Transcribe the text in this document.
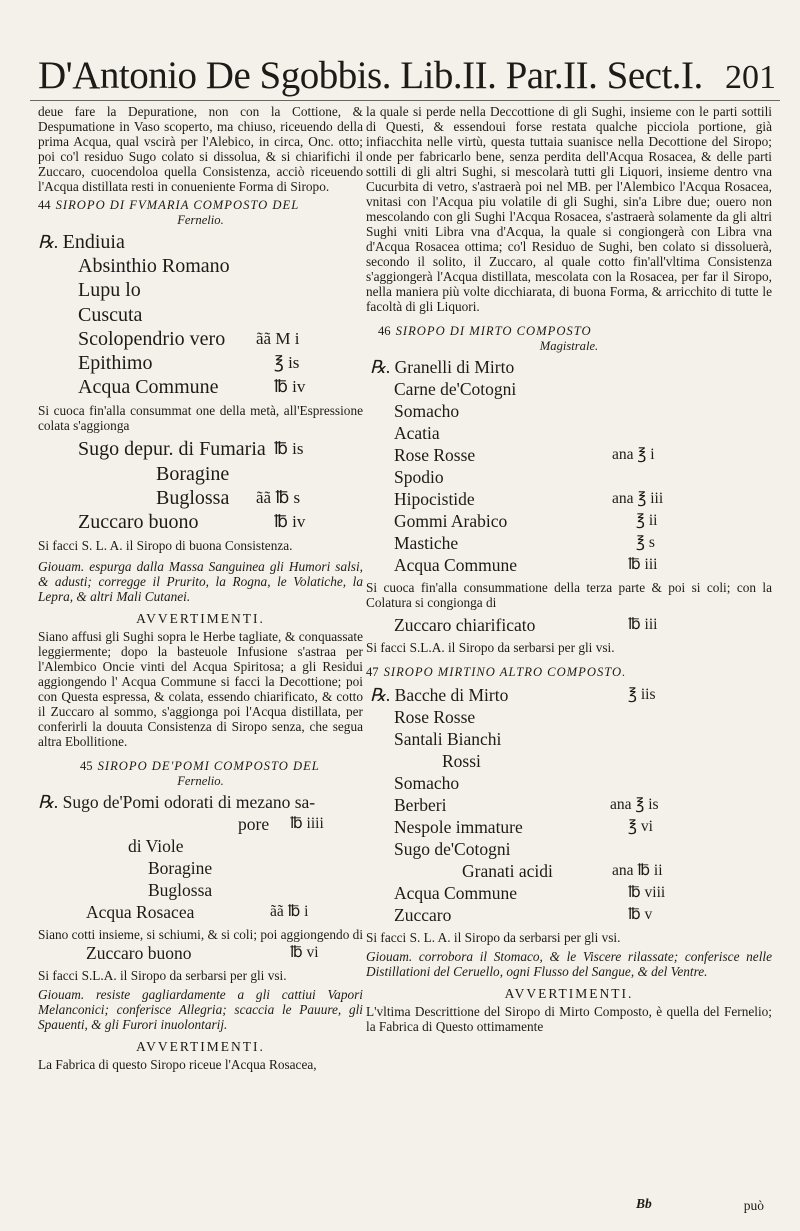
D'Antonio De Sgobbis. Lib.II. Par.II. Sect.I. 201

deue fare la Depuratione, non con la Cottione, & Despumatione in Vaso scoperto, ma chiuso, riceuendo della prima Acqua, qual vscirà per l'Alebico, in circa, Onc. otto; poi co'l residuo Sugo colato si dissolua, & si chiarifichi il Zuccaro, cuocendoloa quella Consistenza, acciò riceuendo l'Acqua distillata resti in conueniente Forma di Siropo.

44 SIROPO DI FVMARIA COMPOSTO DEL
Fernelio.
℞. Endiuia
Absinthio Romano
Lupu lo
Cuscuta
Scolopendrio vero ãã M i
Epithimo	℥ is
Acqua Commune	℔ iv

Si cuoca fin'alla consummat one della metà, all'Espressione colata s'aggionga

Sugo depur. di Fumaria ℔ is
Boragine
Buglossa ãã ℔ s
Zuccaro buono	℔ iv

Si facci S. L. A. il Siropo di buona Consistenza.

Giouam. espurga dalla Massa Sanguinea gli Humori salsi, & adusti; corregge il Prurito, la Rogna, le Volatiche, la Lepra, & altri Mali Cutanei.

AVVERTIMENTI.

Siano affusi gli Sughi sopra le Herbe tagliate, & conquassate leggiermente; dopo la basteuole Infusione s'astraa per l'Alembico Oncie vinti del Acqua Spiritosa; a gli Residui aggiongendo l' Acqua Commune si facci la Decottione; poi con Questa espressa, & colata, essendo chiarificato, & cotto il Zuccaro al sommo, s'aggionga poi l'Acqua distillata, per conferirli la douuta Consistenza di Siropo senza, che segua altra Ebollitione.

45 SIROPO DE'POMI COMPOSTO DEL
Fernelio.
℞. Sugo de'Pomi odorati di mezano sa-
pore ℔ iiii
di Viole
Boragine
Buglossa
Acqua Rosacea	ãã ℔ i

Siano cotti insieme, si schiumi, & si coli; poi aggiongendo di

Zuccaro buono	℔ vi

Si facci S.L.A. il Siropo da serbarsi per gli vsi.

Giouam. resiste gagliardamente a gli cattiui Vapori Melanconici; conferisce Allegria; scaccia le Pauure, gli Spauenti, & gli Furori inuolontarij.

AVVERTIMENTI.

La Fabrica di questo Siropo riceue l'Acqua Rosacea,

la quale si perde nella Deccottione di gli Sughi, insieme con le parti sottili di Questi, & essendoui forse restata qualche picciola portione, già infiacchita nelle virtù, questa tuttaia suanisce nella Decottione del Siropo; onde per fabricarlo bene, senza perdita dell'Acqua Rosacea, & delle parti sottili di gli altri Sughi, si mescolarà tutti gli Liquori, insieme dentro vna Cucurbita di vetro, s'astraerà poi nel MB. per l'Alembico l'Acqua Rosacea, vnitasi con l'Acqua piu volatile di gli Sughi, sin'a Libre due; ouero non mescolando con gli Sughi l'Acqua Rosacea, s'astraerà solamente da gli altri Sughi vniti Libra vna d'Acqua, la quale si congiongerà con Libra vna d'Acqua Rosacea ottima; co'l Residuo de Sughi, ben colato si dissoluerà, secondo il solito, il Zuccaro, al quale cotto fin'all'vltima Consistenza s'aggiongerà l'Acqua distillata, mescolata con la Rosacea, per far il Siropo, nella maniera più volte dicchiarata, di buona Forma, & arricchito di tutte le facoltà di gli Liquori.

46 SIROPO DI MIRTO COMPOSTO
Magistrale.
℞. Granelli di Mirto
Carne de'Cotogni
Somacho
Acatia
Rose Rosse	ana ℥ i
Spodio
Hipocistide	ana ℥ iii
Gommi Arabico	℥ ii
Mastiche	℥ s
Acqua Commune	℔ iii

Si cuoca fin'alla consummatione della terza parte & poi si coli; con la Colatura si congionga di

Zuccaro chiarificato	℔ iii

Si facci S.L.A. il Siropo da serbarsi per gli vsi.

47 SIROPO MIRTINO ALTRO COMPOSTO.
℞. Bacche di Mirto	℥ iis
Rose Rosse
Santali Bianchi
Rossi
Somacho
Berberi	ana ℥ is
Nespole immature	℥ vi
Sugo de'Cotogni
Granati acidi	ana ℔ ii
Acqua Commune	℔ viii
Zuccaro	℔ v

Si facci S. L. A. il Siropo da serbarsi per gli vsi.

Giouam. corrobora il Stomaco, & le Viscere rilassate; conferisce nelle Distillationi del Ceruello, ogni Flusso del Sangue, & del Ventre.

AVVERTIMENTI.

L'vltima Descrittione del Siropo di Mirto Composto, è quella del Fernelio; la Fabrica di Questo ottimamente

Bb	può
